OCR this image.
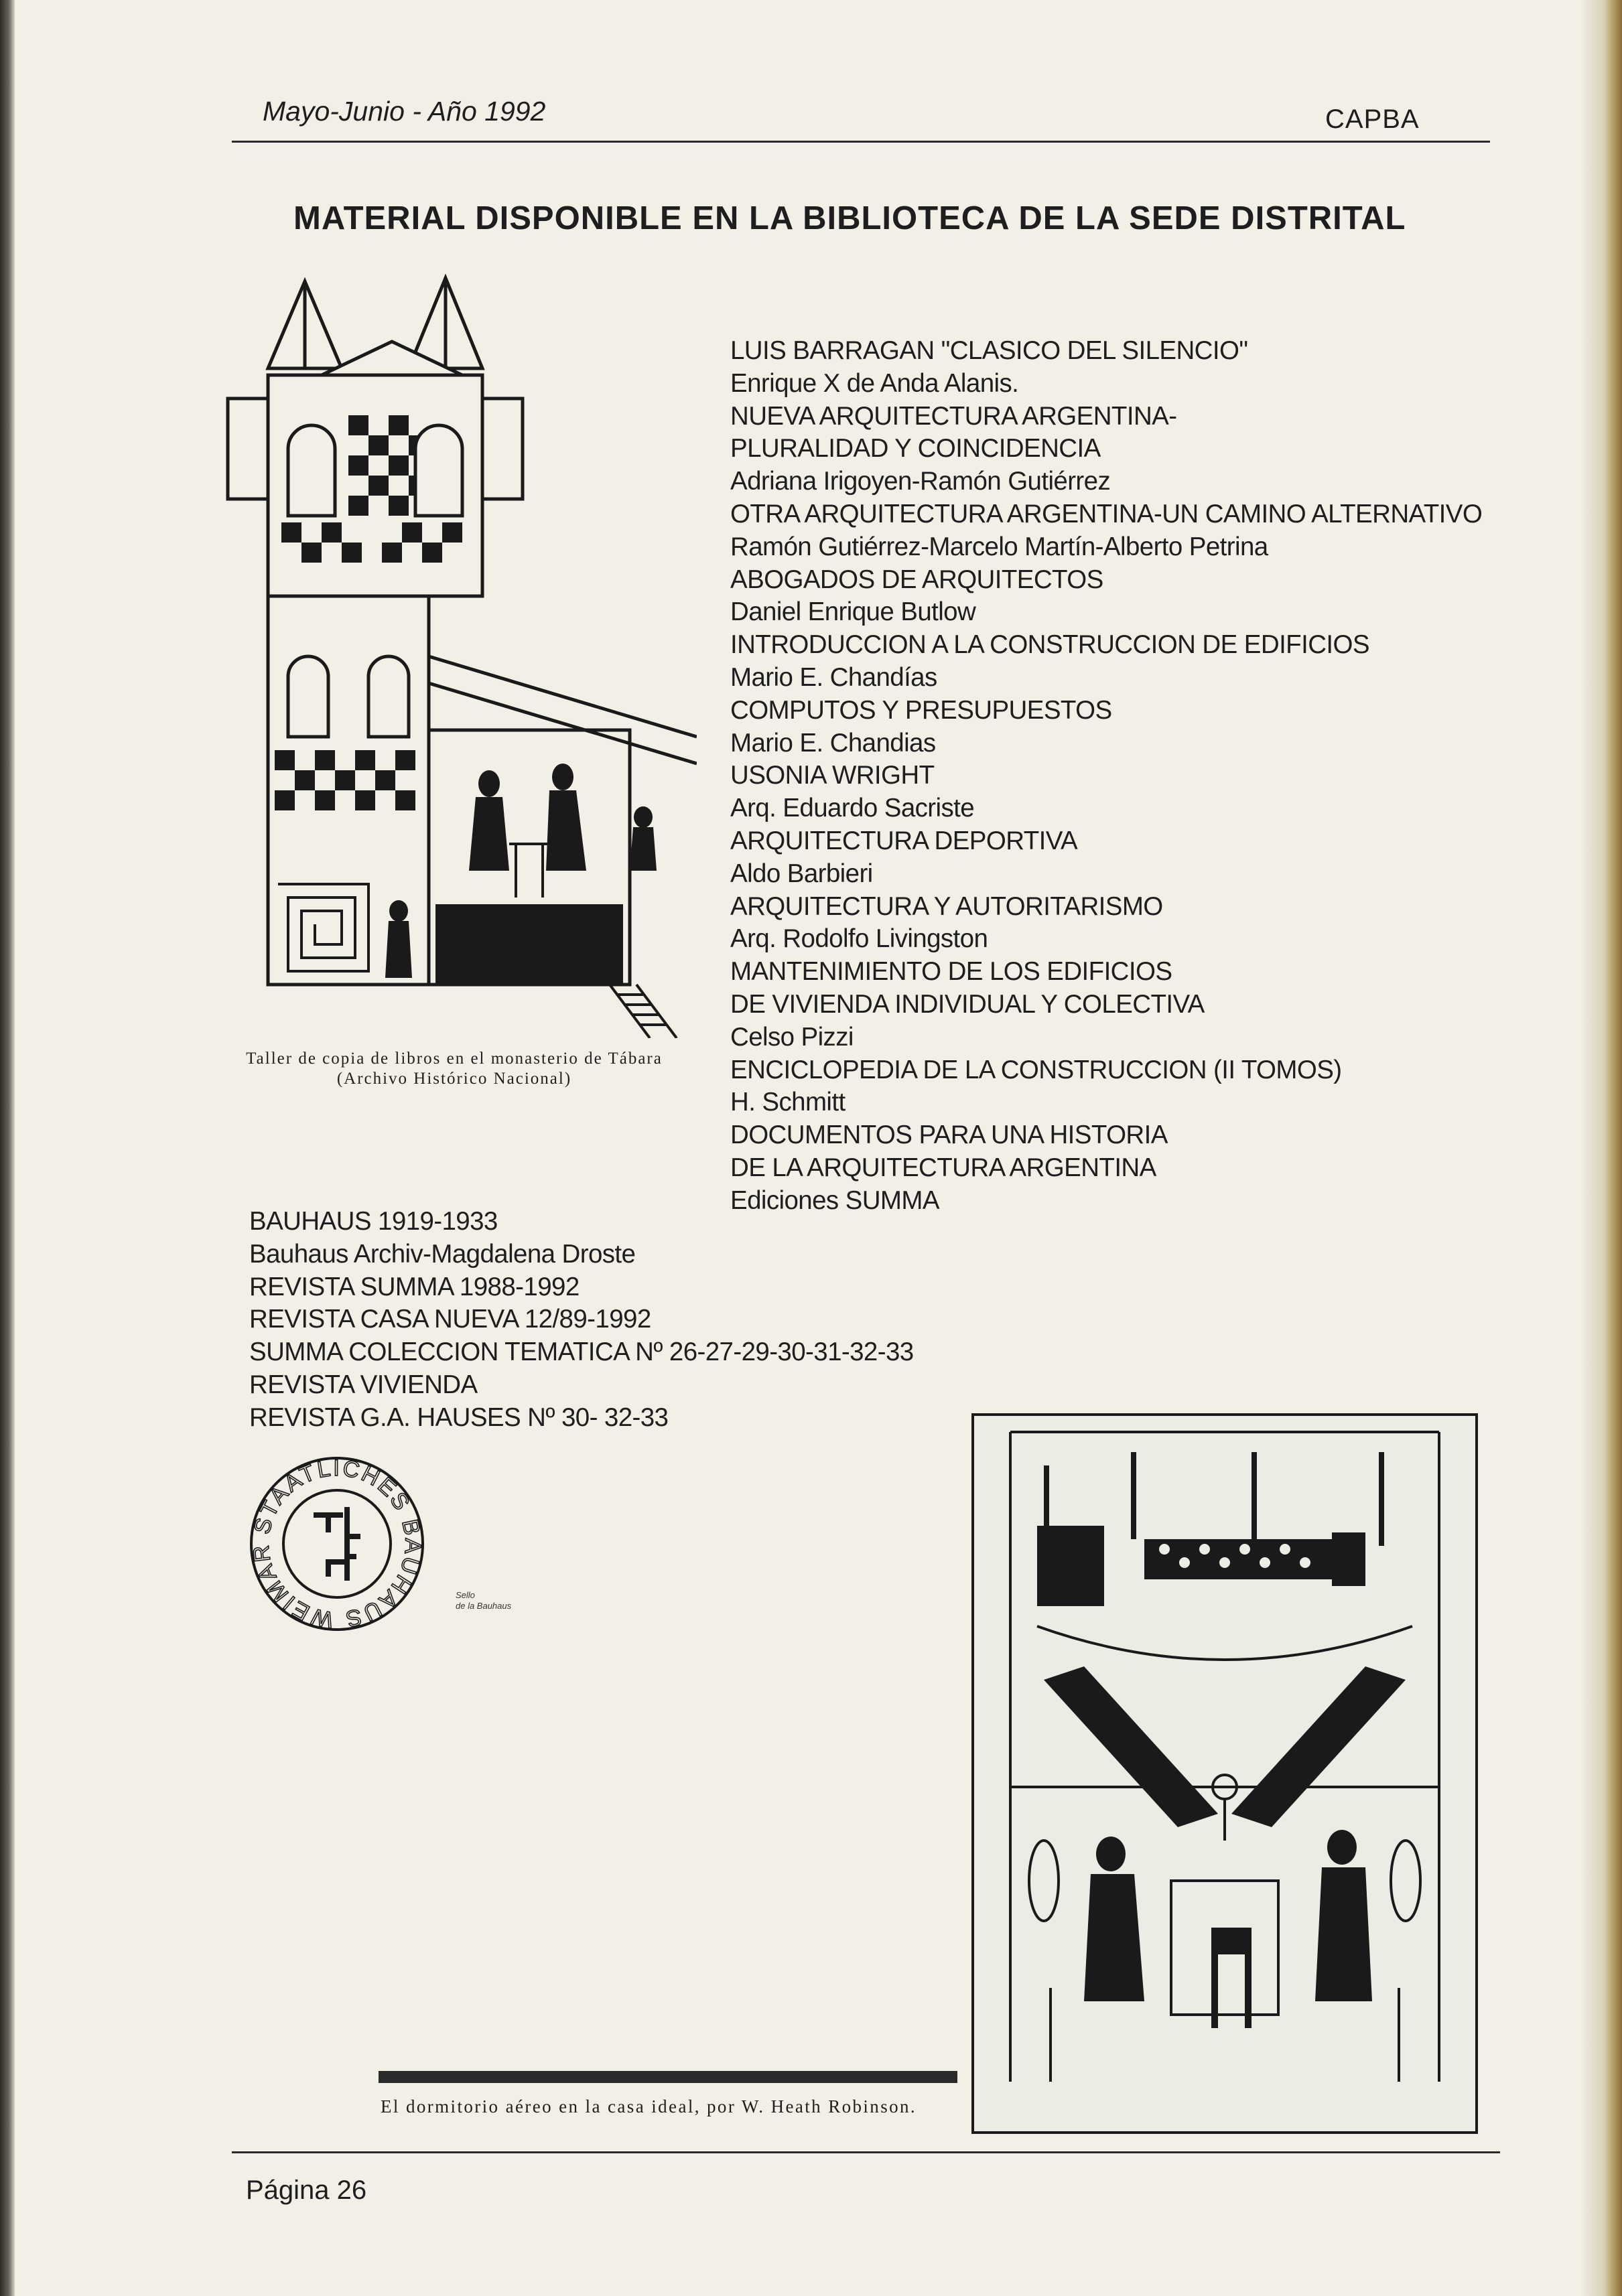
Mayo-Junio - Año 1992	CAPBA
MATERIAL DISPONIBLE EN LA BIBLIOTECA DE LA SEDE DISTRITAL
Taller de copia de libros en el monasterio de Tábara
(Archivo Histórico Nacional)
LUIS BARRAGAN "CLASICO DEL SILENCIO"
Enrique X de Anda Alanis.
NUEVA ARQUITECTURA ARGENTINA-
PLURALIDAD Y COINCIDENCIA
Adriana Irigoyen-Ramón Gutiérrez
OTRA ARQUITECTURA ARGENTINA-UN CAMINO ALTERNATIVO
Ramón Gutiérrez-Marcelo Martín-Alberto Petrina
ABOGADOS DE ARQUITECTOS
Daniel Enrique Butlow
INTRODUCCION A LA CONSTRUCCION DE EDIFICIOS
Mario E. Chandías
COMPUTOS Y PRESUPUESTOS
Mario E. Chandias
USONIA WRIGHT
Arq. Eduardo Sacriste
ARQUITECTURA DEPORTIVA
Aldo Barbieri
ARQUITECTURA Y AUTORITARISMO
Arq. Rodolfo Livingston
MANTENIMIENTO DE LOS EDIFICIOS
DE VIVIENDA INDIVIDUAL Y COLECTIVA
Celso Pizzi
ENCICLOPEDIA DE LA CONSTRUCCION (II TOMOS)
H. Schmitt
DOCUMENTOS PARA UNA HISTORIA
DE LA ARQUITECTURA ARGENTINA
Ediciones SUMMA
BAUHAUS 1919-1933
Bauhaus Archiv-Magdalena Droste
REVISTA SUMMA 1988-1992
REVISTA CASA NUEVA 12/89-1992
SUMMA COLECCION TEMATICA Nº 26-27-29-30-31-32-33
REVISTA VIVIENDA
REVISTA G.A. HAUSES Nº 30- 32-33
STAATLICHES BAUHAUS WEIMAR
Sello
de la Bauhaus
El dormitorio aéreo en la casa ideal, por W. Heath Robinson.
Página 26
